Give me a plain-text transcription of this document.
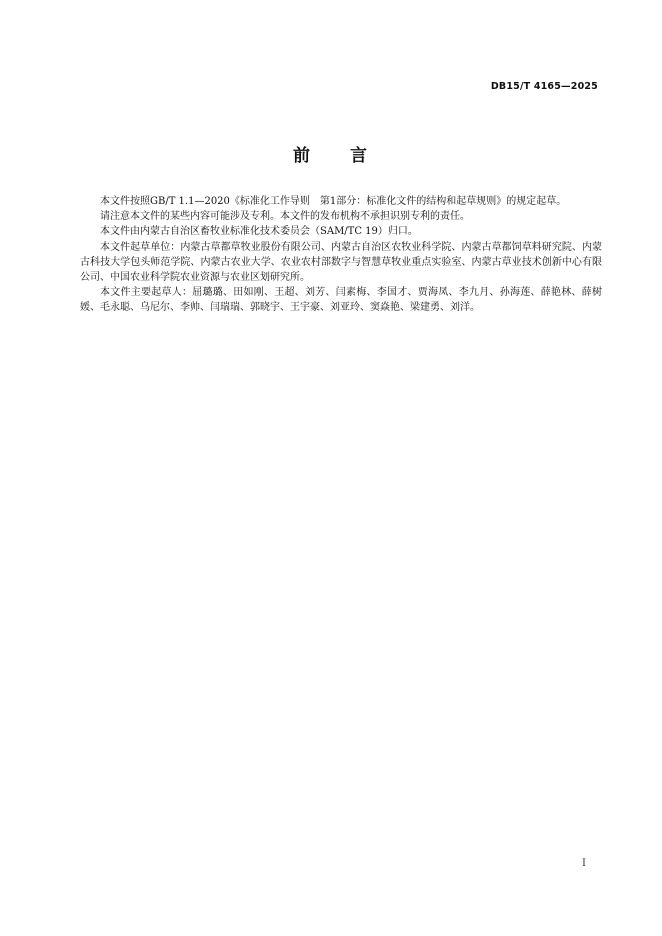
DB15/T 4165—2025
前　　言

本文件按照GB/T 1.1—2020《标准化工作导则　第1部分：标准化文件的结构和起草规则》的规定起草。

请注意本文件的某些内容可能涉及专利。本文件的发布机构不承担识别专利的责任。

本文件由内蒙古自治区畜牧业标准化技术委员会（SAM/TC 19）归口。

本文件起草单位：内蒙古草都草牧业股份有限公司、内蒙古自治区农牧业科学院、内蒙古草都饲草料研究院、内蒙古科技大学包头师范学院、内蒙古农业大学、农业农村部数字与智慧草牧业重点实验室、内蒙古草业技术创新中心有限公司、中国农业科学院农业资源与农业区划研究所。

本文件主要起草人：屈璐璐、田如刚、王超、刘芳、闫素梅、李国才、贾海凤、李九月、孙海莲、薛艳林、薛树媛、毛永聪、乌尼尔、李帅、闫瑞瑞、郭晓宇、王宇豪、刘亚玲、窦焱艳、梁建勇、刘洋。

I
